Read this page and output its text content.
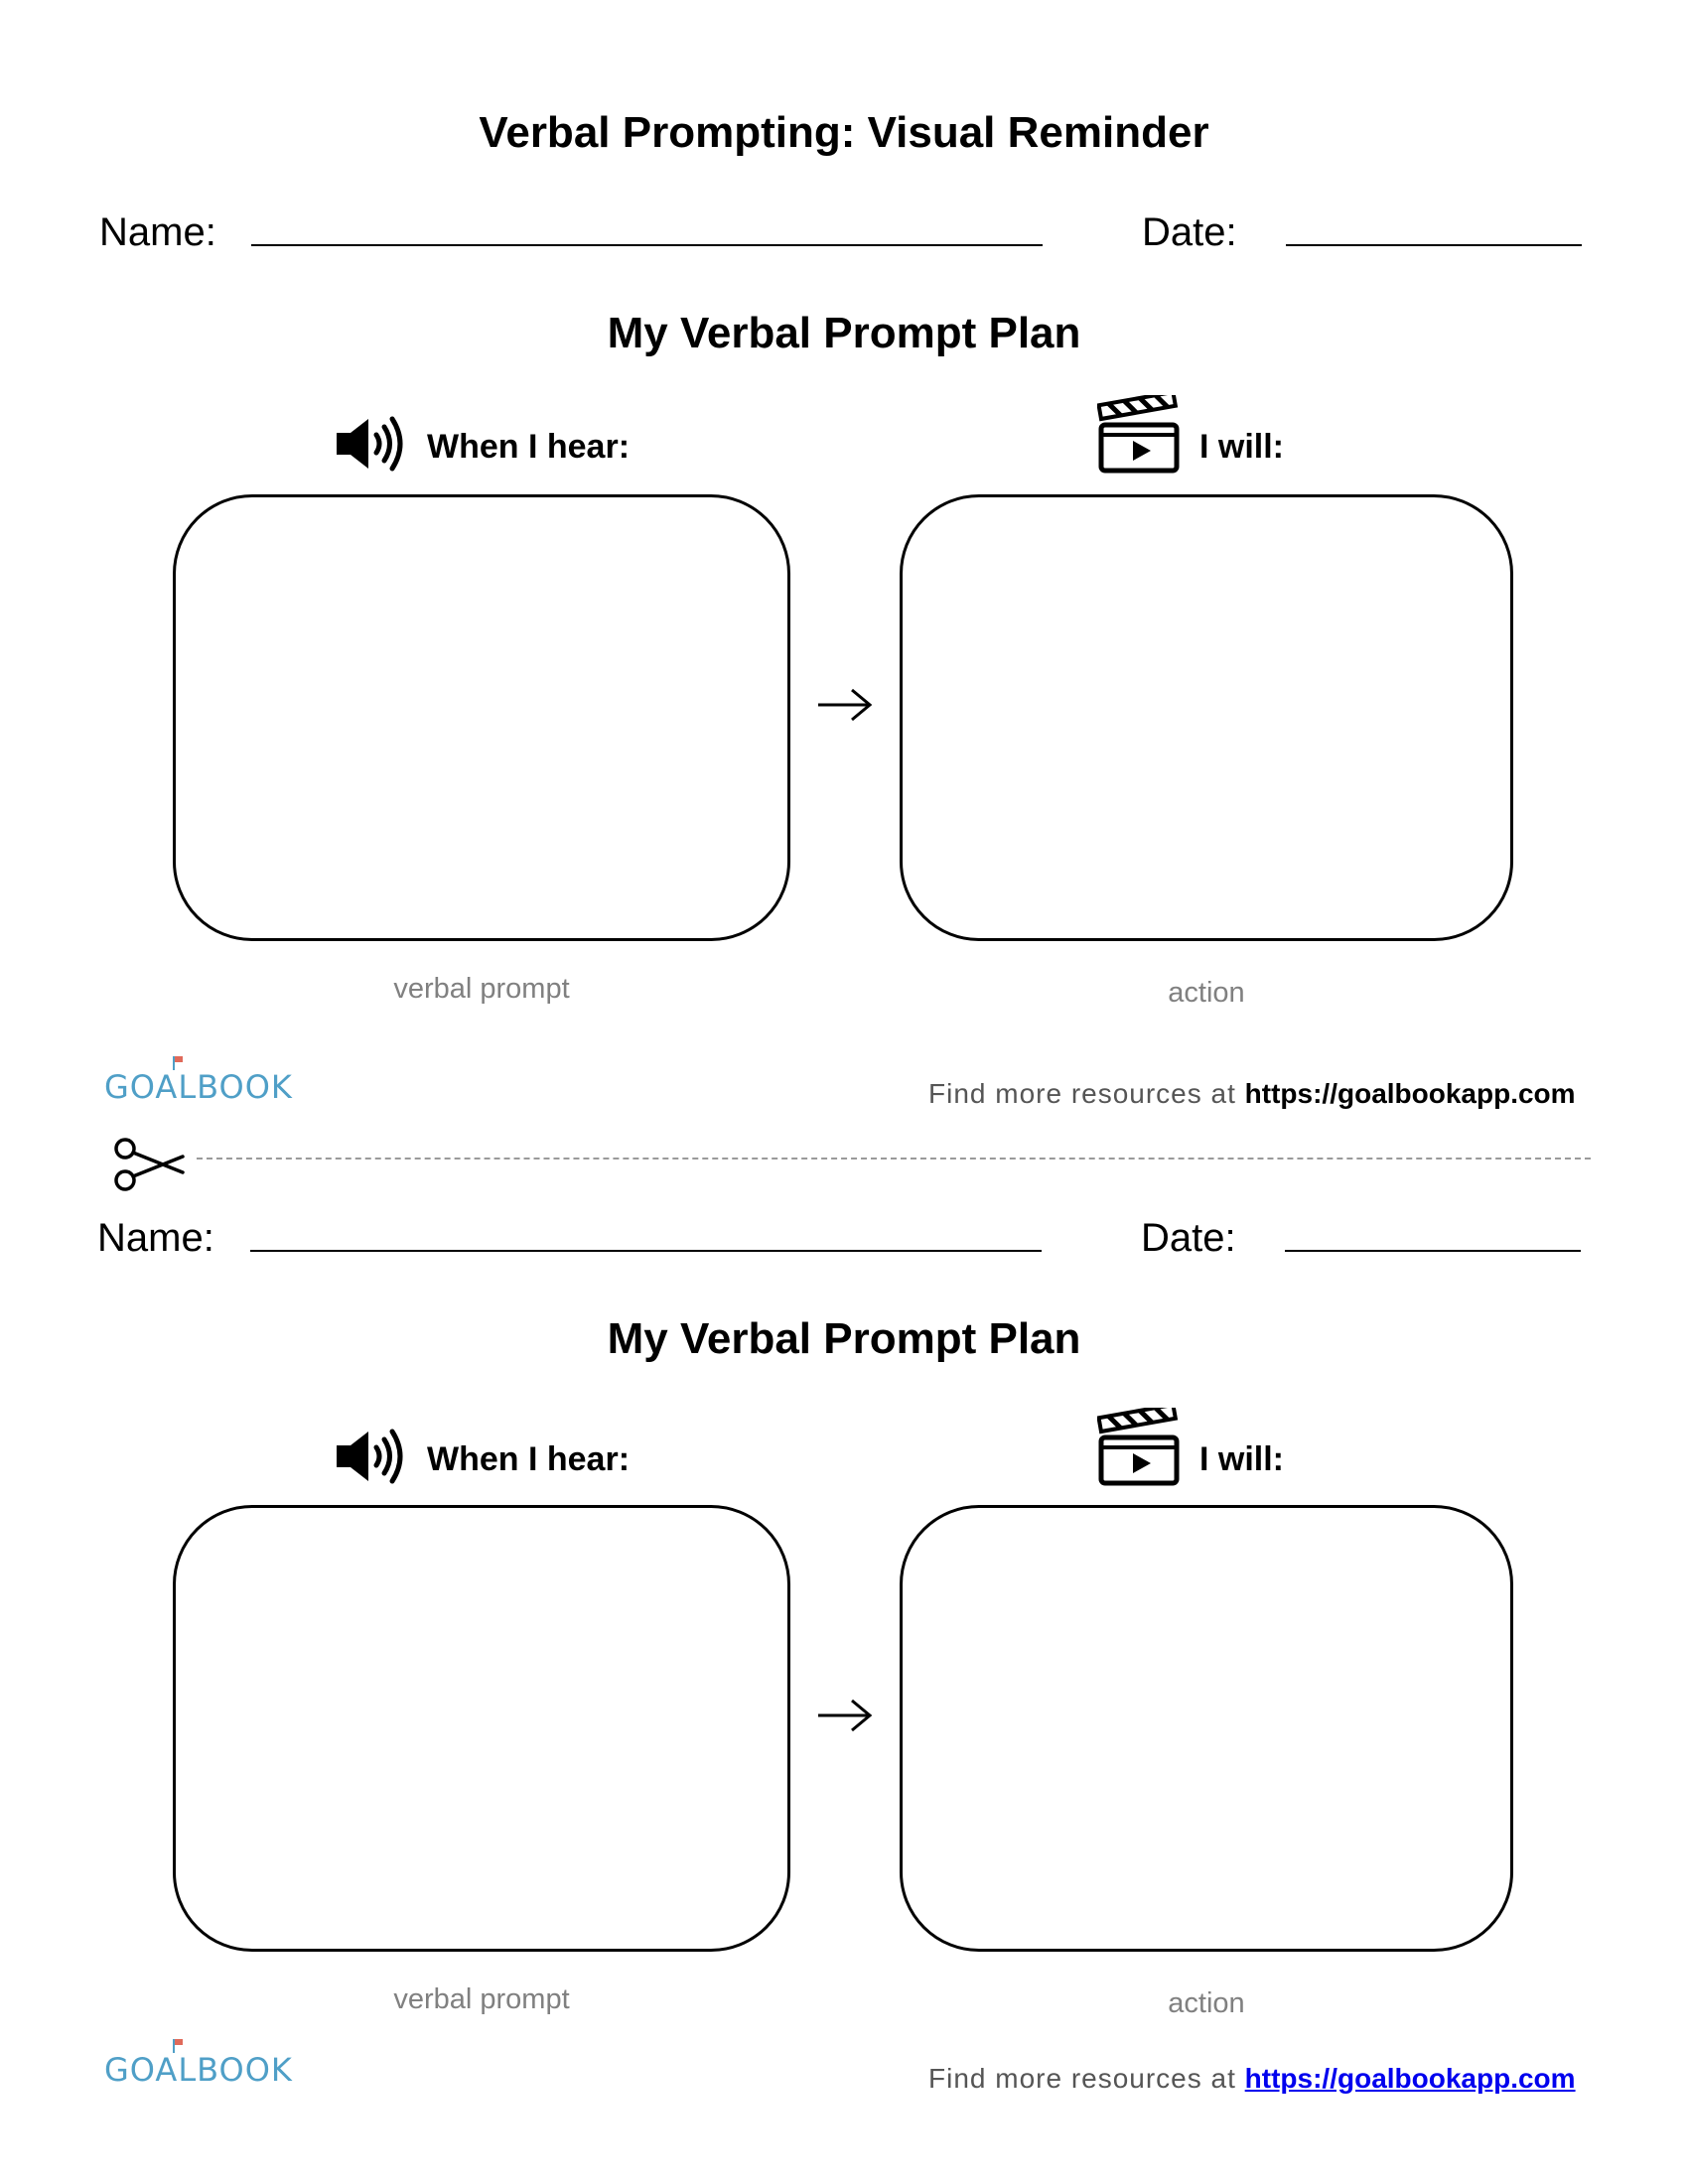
Verbal Prompting: Visual Reminder
Name:	Date:
My Verbal Prompt Plan
When I hear:	I will:
verbal prompt	action
GOALBOOK	Find more resources at https://goalbookapp.com
Name:	Date:
My Verbal Prompt Plan
When I hear:	I will:
verbal prompt	action
GOALBOOK	Find more resources at https://goalbookapp.com
